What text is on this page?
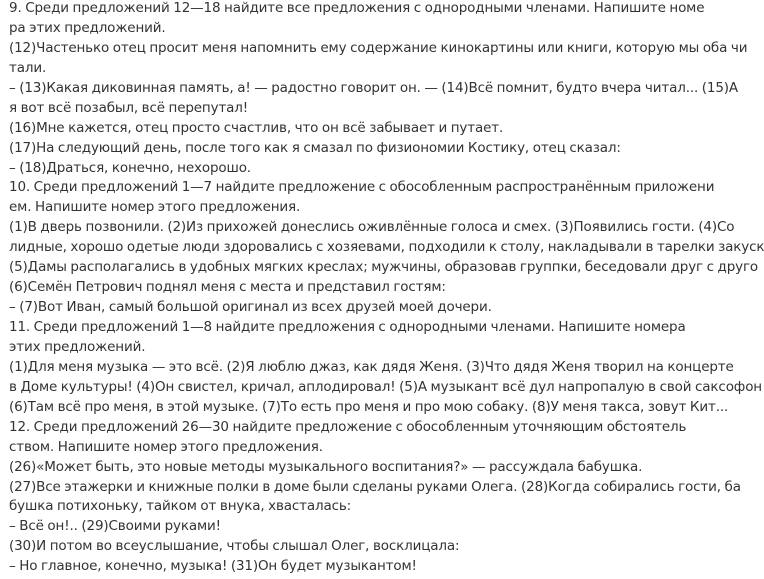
9. Среди предложений 12—18 найдите все предложения с однородными членами. Напишите номе
ра этих предложений.
(12)Частенько отец просит меня напомнить ему содержание кинокартины или книги, которую мы оба чи
тали.
– (13)Какая диковинная память, а! — радостно говорит он. — (14)Всё помнит, будто вчера читал... (15)А
я вот всё позабыл, всё перепутал!
(16)Мне кажется, отец просто счастлив, что он всё забывает и путает.
(17)На следующий день, после того как я смазал по физиономии Костику, отец сказал:
– (18)Драться, конечно, нехорошо.
10. Среди предложений 1—7 найдите предложение с обособленным распространённым приложени
ем. Напишите номер этого предложения.
(1)В дверь позвонили. (2)Из прихожей донеслись оживлённые голоса и смех. (3)Появились гости. (4)Со
лидные, хорошо одетые люди здоровались с хозяевами, подходили к столу, накладывали в тарелки закуск
(5)Дамы располагались в удобных мягких креслах; мужчины, образовав группки, беседовали друг с друго
(6)Семён Петрович поднял меня с места и представил гостям:
– (7)Вот Иван, самый большой оригинал из всех друзей моей дочери.
11. Среди предложений 1—8 найдите предложения с однородными членами. Напишите номера
этих предложений.
(1)Для меня музыка — это всё. (2)Я люблю джаз, как дядя Женя. (3)Что дядя Женя творил на концерте
в Доме культуры! (4)Он свистел, кричал, аплодировал! (5)А музыкант всё дул напропалую в свой саксофон
(6)Там всё про меня, в этой музыке. (7)То есть про меня и про мою собаку. (8)У меня такса, зовут Кит...
12. Среди предложений 26—30 найдите предложение с обособленным уточняющим обстоятель
ством. Напишите номер этого предложения.
(26)«Может быть, это новые методы музыкального воспитания?» — рассуждала бабушка.
(27)Все этажерки и книжные полки в доме были сделаны руками Олега. (28)Когда собирались гости, ба
бушка потихоньку, тайком от внука, хвасталась:
– Всё он!.. (29)Своими руками!
(30)И потом во всеуслышание, чтобы слышал Олег, восклицала:
– Но главное, конечно, музыка! (31)Он будет музыкантом!
